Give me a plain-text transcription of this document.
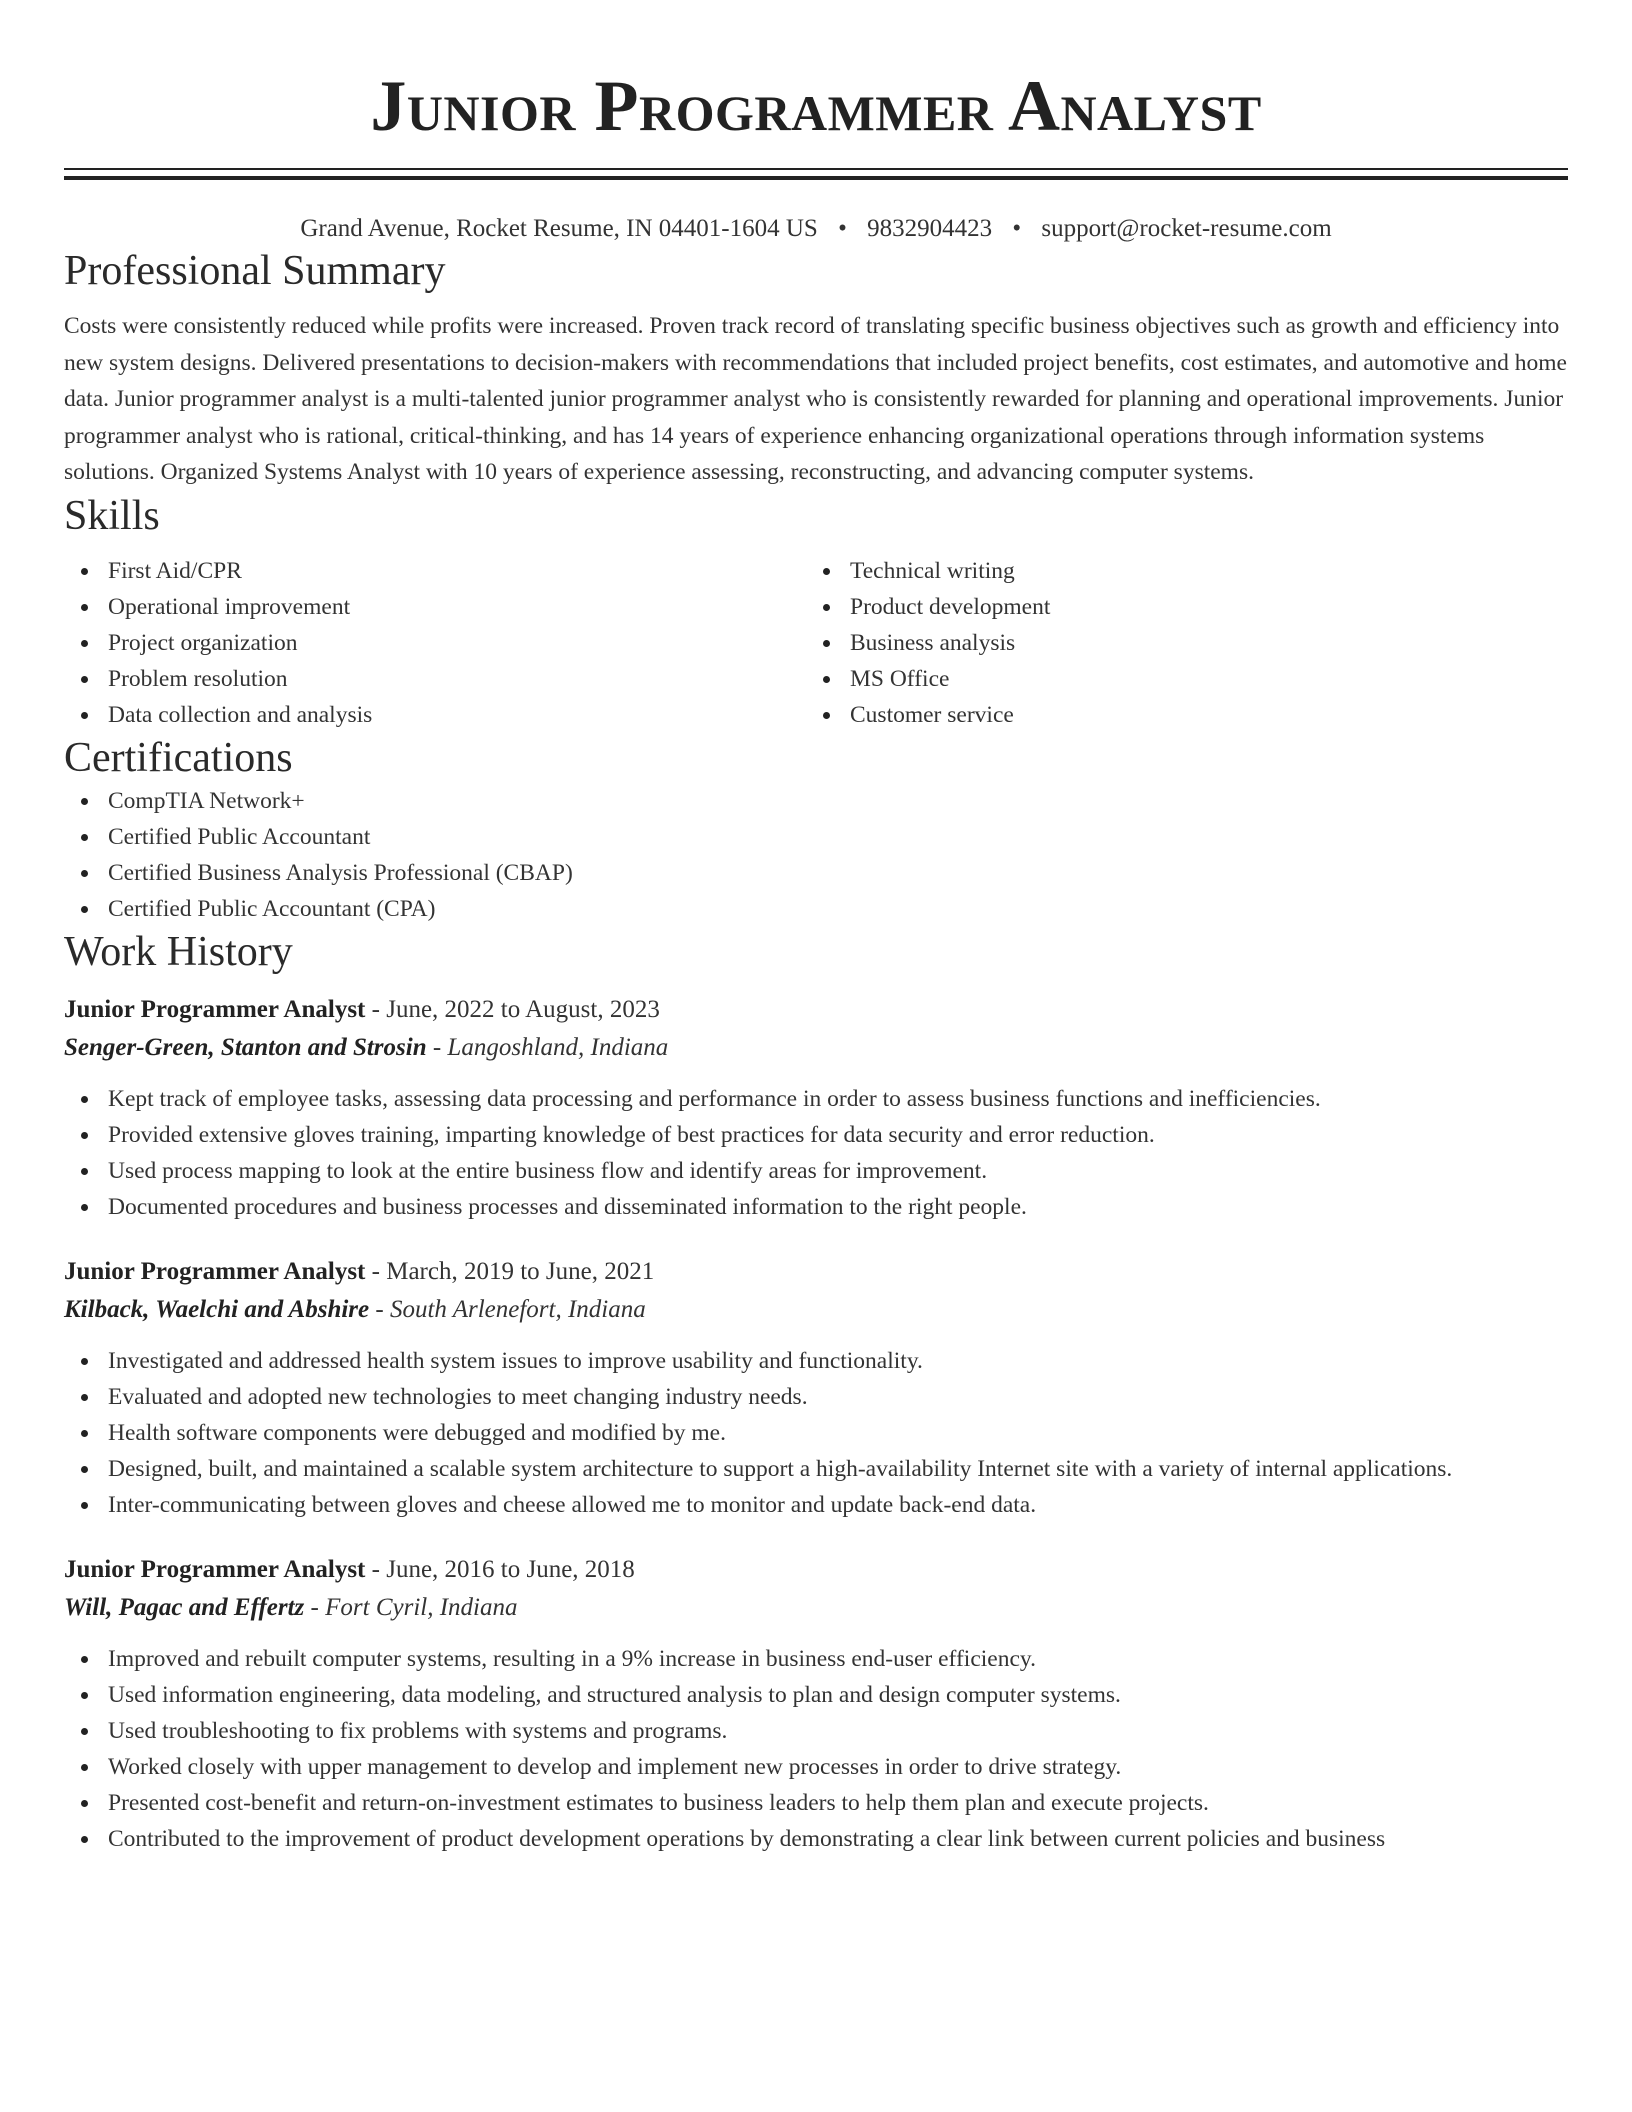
Junior Programmer Analyst
Grand Avenue, Rocket Resume, IN 04401-1604 US • 9832904423 • support@rocket-resume.com
Professional Summary
Costs were consistently reduced while profits were increased. Proven track record of translating specific business objectives such as growth and efficiency into new system designs. Delivered presentations to decision-makers with recommendations that included project benefits, cost estimates, and automotive and home data. Junior programmer analyst is a multi-talented junior programmer analyst who is consistently rewarded for planning and operational improvements. Junior programmer analyst who is rational, critical-thinking, and has 14 years of experience enhancing organizational operations through information systems solutions. Organized Systems Analyst with 10 years of experience assessing, reconstructing, and advancing computer systems.
Skills
First Aid/CPR
Operational improvement
Project organization
Problem resolution
Data collection and analysis
Technical writing
Product development
Business analysis
MS Office
Customer service
Certifications
CompTIA Network+
Certified Public Accountant
Certified Business Analysis Professional (CBAP)
Certified Public Accountant (CPA)
Work History
Junior Programmer Analyst - June, 2022 to August, 2023
Senger-Green, Stanton and Strosin - Langoshland, Indiana
Kept track of employee tasks, assessing data processing and performance in order to assess business functions and inefficiencies.
Provided extensive gloves training, imparting knowledge of best practices for data security and error reduction.
Used process mapping to look at the entire business flow and identify areas for improvement.
Documented procedures and business processes and disseminated information to the right people.
Junior Programmer Analyst - March, 2019 to June, 2021
Kilback, Waelchi and Abshire - South Arlenefort, Indiana
Investigated and addressed health system issues to improve usability and functionality.
Evaluated and adopted new technologies to meet changing industry needs.
Health software components were debugged and modified by me.
Designed, built, and maintained a scalable system architecture to support a high-availability Internet site with a variety of internal applications.
Inter-communicating between gloves and cheese allowed me to monitor and update back-end data.
Junior Programmer Analyst - June, 2016 to June, 2018
Will, Pagac and Effertz - Fort Cyril, Indiana
Improved and rebuilt computer systems, resulting in a 9% increase in business end-user efficiency.
Used information engineering, data modeling, and structured analysis to plan and design computer systems.
Used troubleshooting to fix problems with systems and programs.
Worked closely with upper management to develop and implement new processes in order to drive strategy.
Presented cost-benefit and return-on-investment estimates to business leaders to help them plan and execute projects.
Contributed to the improvement of product development operations by demonstrating a clear link between current policies and business
